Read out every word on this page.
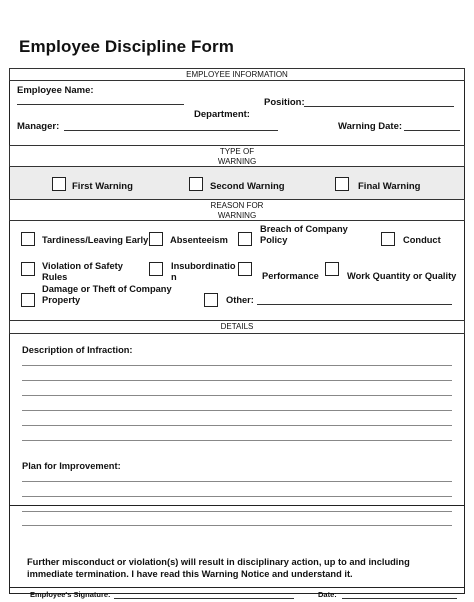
Employee Discipline Form
EMPLOYEE INFORMATION
Employee Name:
Position:
Department:
Manager:	Warning Date:
TYPE OF
WARNING
First Warning	Second Warning	Final Warning
REASON FOR
WARNING
Tardiness/Leaving Early Absenteeism
Breach of Company
Policy	Conduct
Violation of Safety
Rules
Insubordinatio
n	Performance	Work Quantity or Quality
Damage or Theft of Company
Property	Other:
DETAILS
Description of Infraction:
Plan for Improvement:
Further misconduct or violation(s) will result in disciplinary action, up to and including
immediate termination. I have read this Warning Notice and understand it.
Employee's Signature:	Date:
